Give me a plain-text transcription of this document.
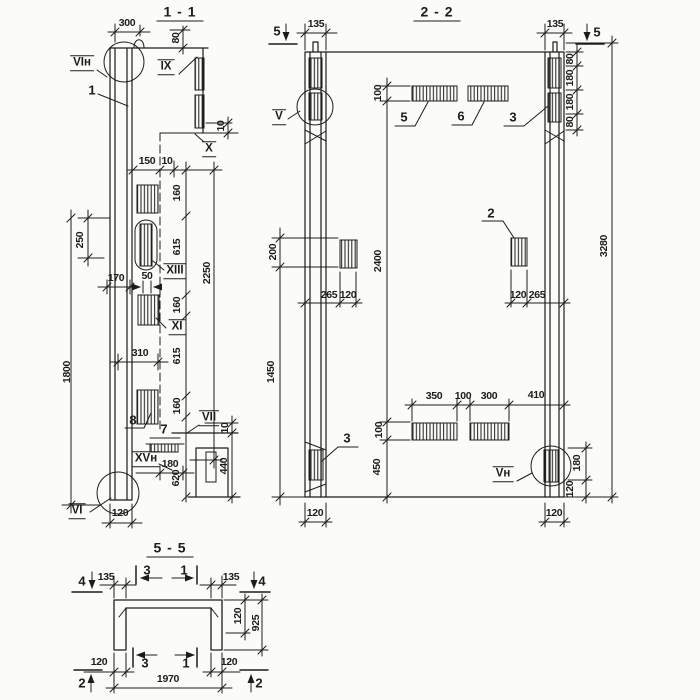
1 - 1	2 - 2
5 - 5
300
80
VIн	IX
1
10
X
150 10
160
615
250
XIII
170 50
160
XI
2250
310 615
1800
160
8
7
VII
10
440
XVн 180
620
VI	120
5	135	135
5
V
100
5	6	3
80
180
180
80
2
200	2400
3280
265 120	120 265
1450
350 100 300	410
100
3
450	Vн
180
120
120	120
4 135 3 1	135 4
120 925
120	3	1	120
1970
2	2
